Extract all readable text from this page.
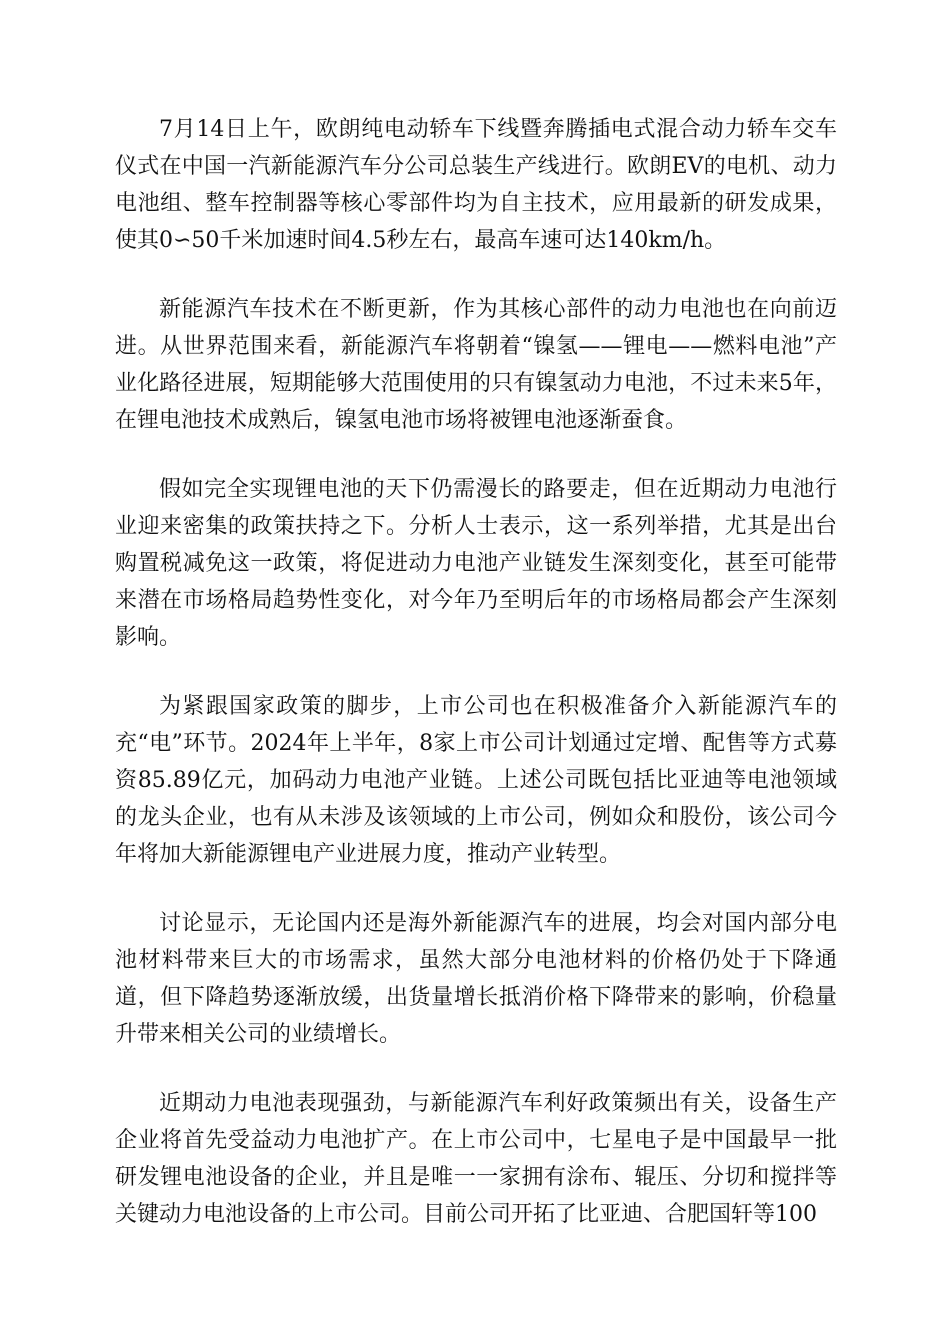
7月14日上午，欧朗纯电动轿车下线暨奔腾插电式混合动力轿车交车仪式在中国一汽新能源汽车分公司总装生产线进行。欧朗EV的电机、动力电池组、整车控制器等核心零部件均为自主技术，应用最新的研发成果，使其0∽50千米加速时间4.5秒左右，最高车速可达140km/h。

新能源汽车技术在不断更新，作为其核心部件的动力电池也在向前迈进。从世界范围来看，新能源汽车将朝着“镍氢——锂电——燃料电池”产业化路径进展，短期能够大范围使用的只有镍氢动力电池，不过未来5年，在锂电池技术成熟后，镍氢电池市场将被锂电池逐渐蚕食。

假如完全实现锂电池的天下仍需漫长的路要走，但在近期动力电池行业迎来密集的政策扶持之下。分析人士表示，这一系列举措，尤其是出台购置税减免这一政策，将促进动力电池产业链发生深刻变化，甚至可能带来潜在市场格局趋势性变化，对今年乃至明后年的市场格局都会产生深刻影响。

为紧跟国家政策的脚步，上市公司也在积极准备介入新能源汽车的充“电”环节。2024年上半年，8家上市公司计划通过定增、配售等方式募资85.89亿元，加码动力电池产业链。上述公司既包括比亚迪等电池领域的龙头企业，也有从未涉及该领域的上市公司，例如众和股份，该公司今年将加大新能源锂电产业进展力度，推动产业转型。

讨论显示，无论国内还是海外新能源汽车的进展，均会对国内部分电池材料带来巨大的市场需求，虽然大部分电池材料的价格仍处于下降通道，但下降趋势逐渐放缓，出货量增长抵消价格下降带来的影响，价稳量升带来相关公司的业绩增长。

近期动力电池表现强劲，与新能源汽车利好政策频出有关，设备生产企业将首先受益动力电池扩产。在上市公司中，七星电子是中国最早一批研发锂电池设备的企业，并且是唯一一家拥有涂布、辊压、分切和搅拌等关键动力电池设备的上市公司。目前公司开拓了比亚迪、合肥国轩等100
